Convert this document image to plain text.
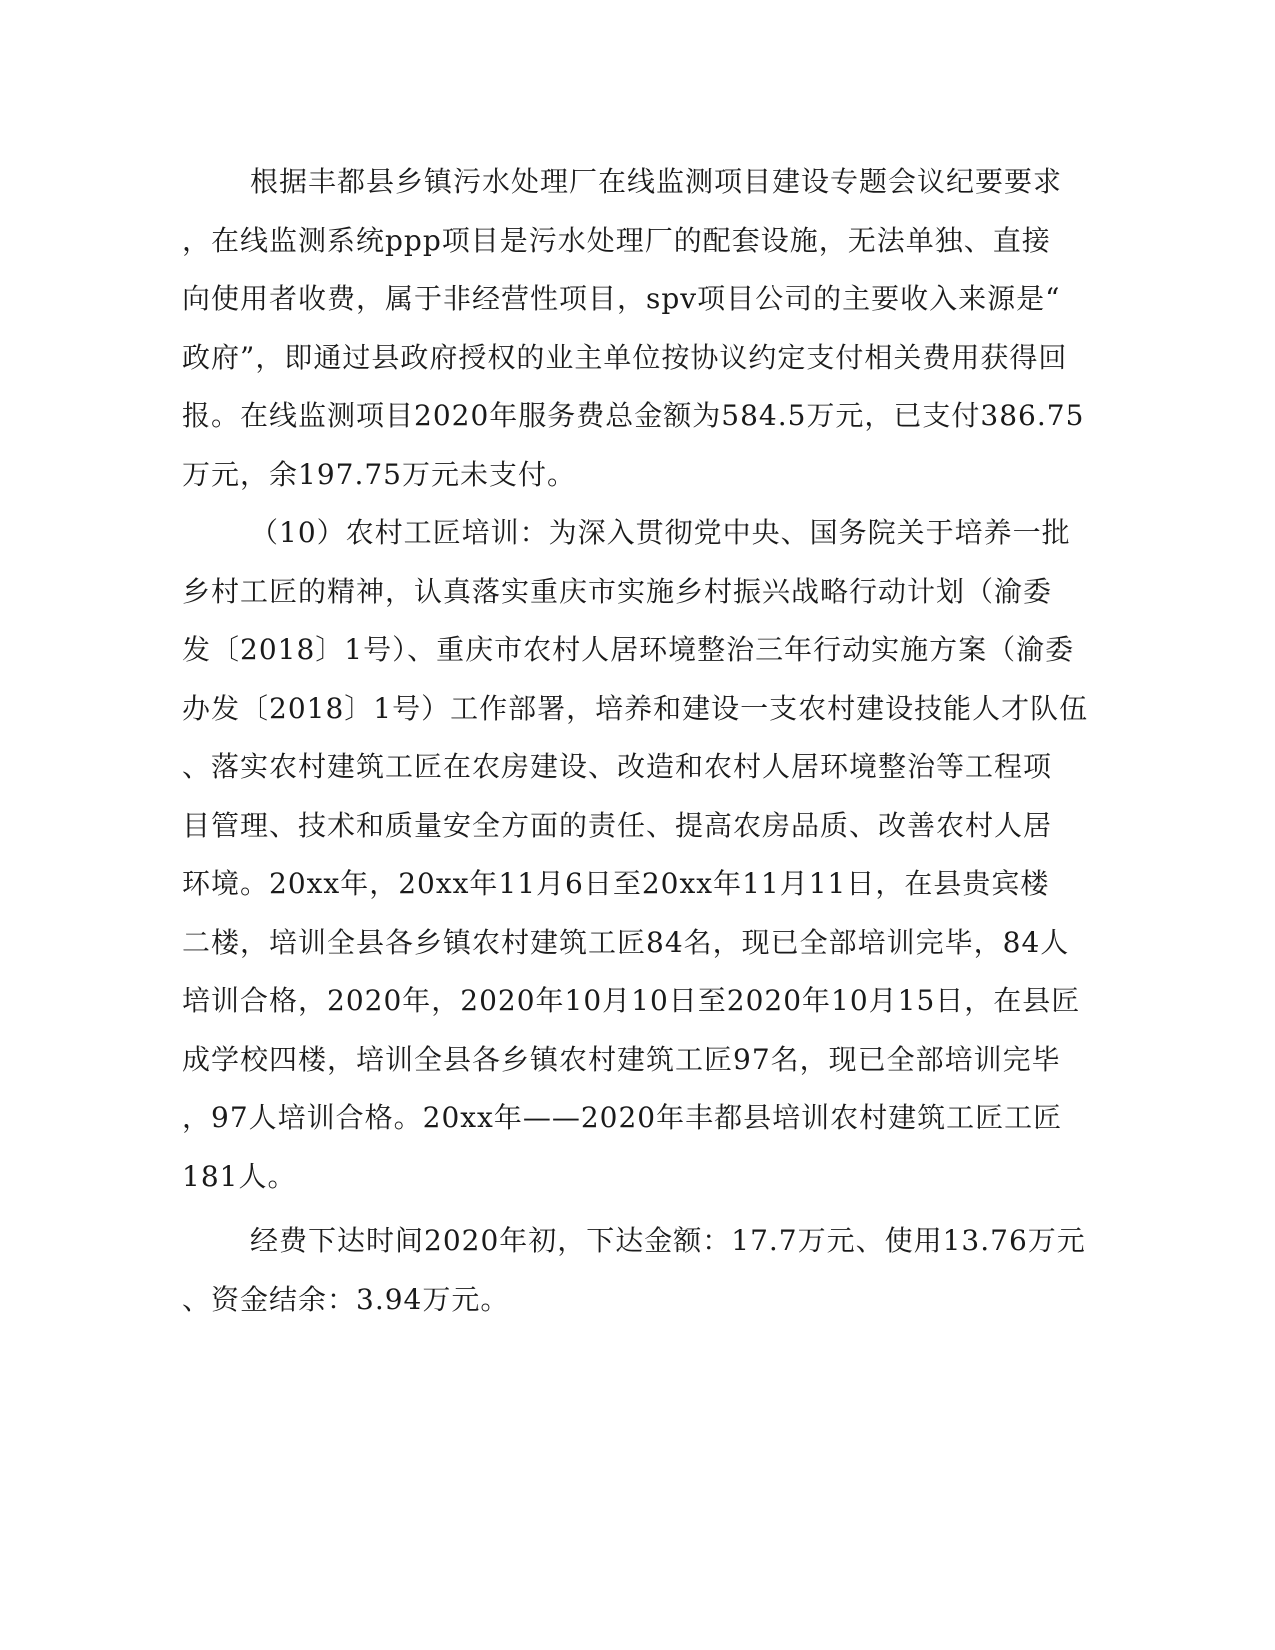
根据丰都县乡镇污水处理厂在线监测项目建设专题会议纪要要求
，在线监测系统ppp项目是污水处理厂的配套设施，无法单独、直接
向使用者收费，属于非经营性项目，spv项目公司的主要收入来源是“
政府”，即通过县政府授权的业主单位按协议约定支付相关费用获得回
报。在线监测项目2020年服务费总金额为584.5万元，已支付386.75
万元，余197.75万元未支付。
（10）农村工匠培训：为深入贯彻党中央、国务院关于培养一批
乡村工匠的精神，认真落实重庆市实施乡村振兴战略行动计划（渝委
发〔2018〕1号）、重庆市农村人居环境整治三年行动实施方案（渝委
办发〔2018〕1号）工作部署，培养和建设一支农村建设技能人才队伍
、落实农村建筑工匠在农房建设、改造和农村人居环境整治等工程项
目管理、技术和质量安全方面的责任、提高农房品质、改善农村人居
环境。20xx年，20xx年11月6日至20xx年11月11日，在县贵宾楼
二楼，培训全县各乡镇农村建筑工匠84名，现已全部培训完毕，84人
培训合格，2020年，2020年10月10日至2020年10月15日，在县匠
成学校四楼，培训全县各乡镇农村建筑工匠97名，现已全部培训完毕
，97人培训合格。20xx年——2020年丰都县培训农村建筑工匠工匠
181人。
经费下达时间2020年初，下达金额：17.7万元、使用13.76万元
、资金结余：3.94万元。
